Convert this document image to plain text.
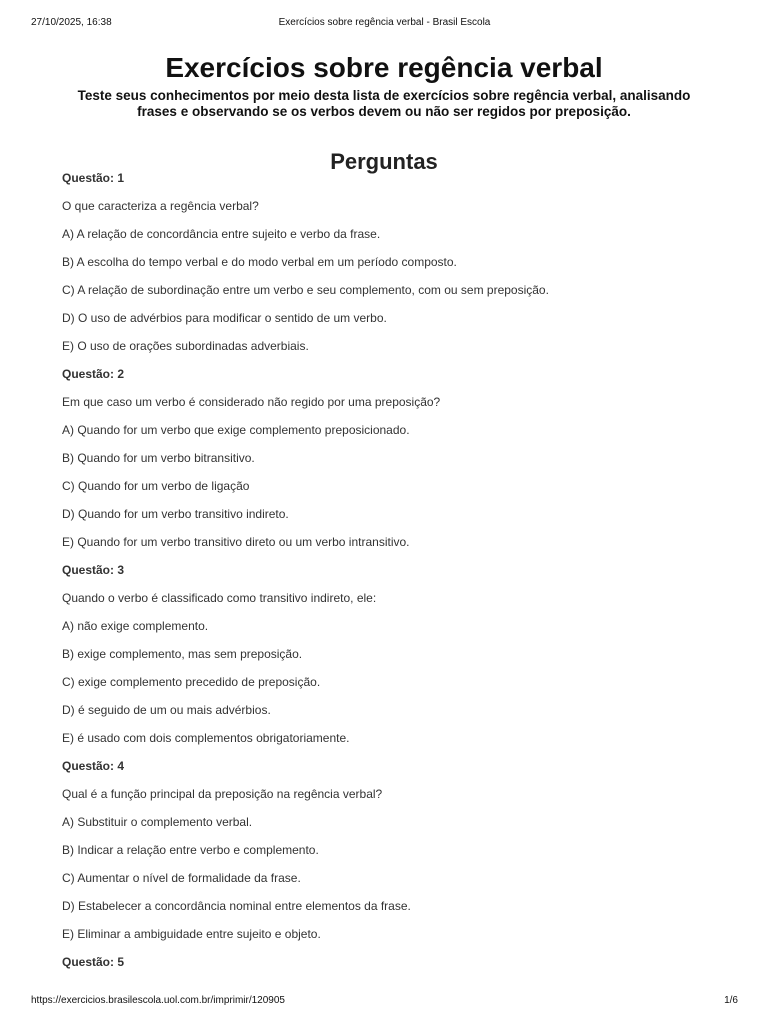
27/10/2025, 16:38	Exercícios sobre regência verbal - Brasil Escola
Exercícios sobre regência verbal

Teste seus conhecimentos por meio desta lista de exercícios sobre regência verbal, analisando frases e observando se os verbos devem ou não ser regidos por preposição.

Perguntas
Questão: 1
O que caracteriza a regência verbal?
A) A relação de concordância entre sujeito e verbo da frase.
B) A escolha do tempo verbal e do modo verbal em um período composto.
C) A relação de subordinação entre um verbo e seu complemento, com ou sem preposição.
D) O uso de advérbios para modificar o sentido de um verbo.
E) O uso de orações subordinadas adverbiais.
Questão: 2
Em que caso um verbo é considerado não regido por uma preposição?
A) Quando for um verbo que exige complemento preposicionado.
B) Quando for um verbo bitransitivo.
C) Quando for um verbo de ligação
D) Quando for um verbo transitivo indireto.
E) Quando for um verbo transitivo direto ou um verbo intransitivo.
Questão: 3
Quando o verbo é classificado como transitivo indireto, ele:
A) não exige complemento.
B) exige complemento, mas sem preposição.
C) exige complemento precedido de preposição.
D) é seguido de um ou mais advérbios.
E) é usado com dois complementos obrigatoriamente.
Questão: 4
Qual é a função principal da preposição na regência verbal?
A) Substituir o complemento verbal.
B) Indicar a relação entre verbo e complemento.
C) Aumentar o nível de formalidade da frase.
D) Estabelecer a concordância nominal entre elementos da frase.
E) Eliminar a ambiguidade entre sujeito e objeto.
Questão: 5
https://exercicios.brasilescola.uol.com.br/imprimir/120905	1/6
